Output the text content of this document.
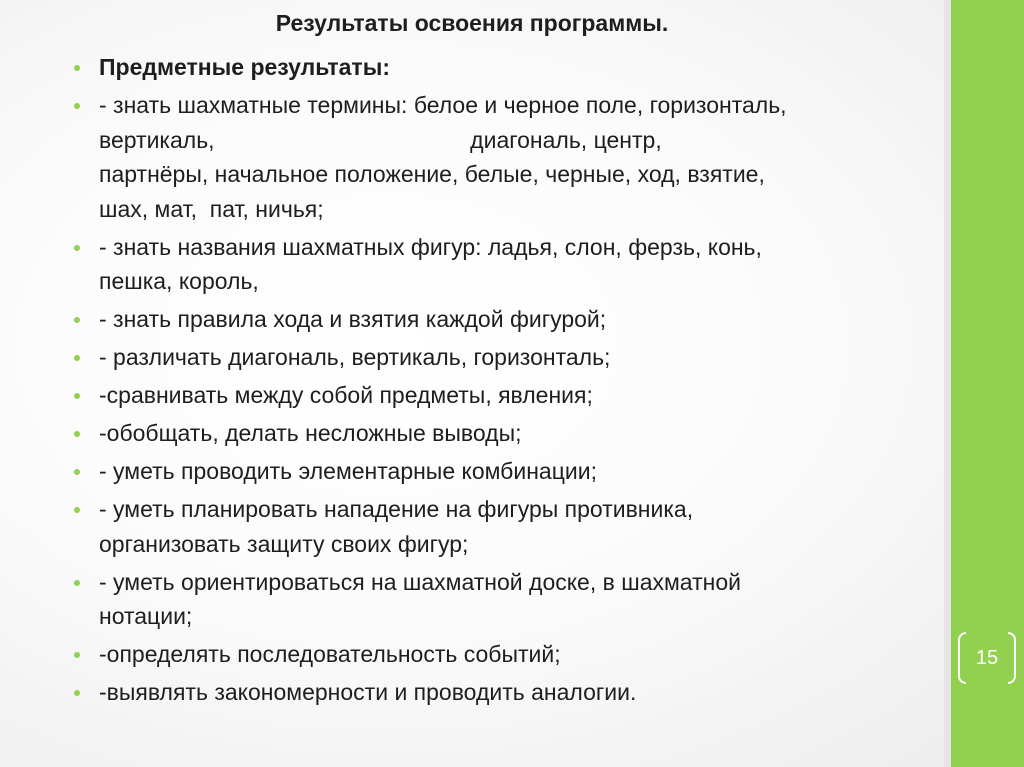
15
Результаты освоения программы.
Предметные результаты:
- знать шахматные термины: белое и черное поле, горизонталь,
вертикаль,                                        диагональ, центр,
партнёры, начальное положение, белые, черные, ход, взятие,
шах, мат,  пат, ничья;
- знать названия шахматных фигур: ладья, слон, ферзь, конь,
пешка, король,
- знать правила хода и взятия каждой фигурой;
- различать диагональ, вертикаль, горизонталь;
-сравнивать между собой предметы, явления;
-обобщать, делать несложные выводы;
- уметь проводить элементарные комбинации;
- уметь планировать нападение на фигуры противника,
организовать защиту своих фигур;
- уметь ориентироваться на шахматной доске, в шахматной
нотации;
-определять последовательность событий;
-выявлять закономерности и проводить аналогии.
